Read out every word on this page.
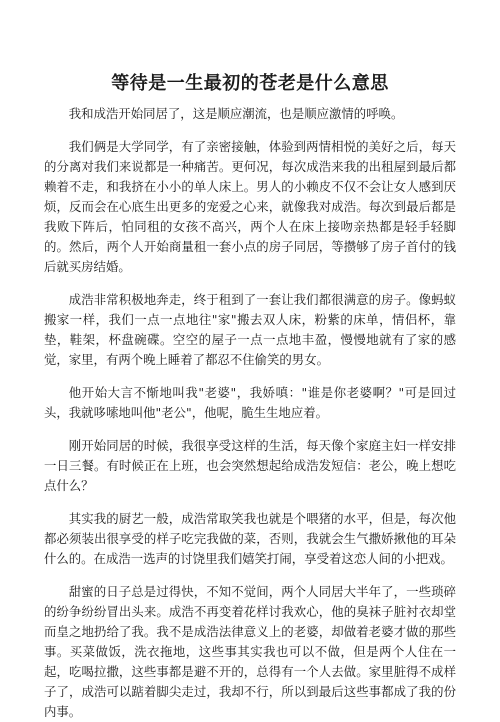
等待是一生最初的苍老是什么意思

我和成浩开始同居了，这是顺应潮流，也是顺应激情的呼唤。

我们俩是大学同学，有了亲密接触，体验到两情相悦的美好之后，每天的分离对我们来说都是一种痛苦。更何况，每次成浩来我的出租屋到最后都赖着不走，和我挤在小小的单人床上。男人的小赖皮不仅不会让女人感到厌烦，反而会在心底生出更多的宠爱之心来，就像我对成浩。每次到最后都是我败下阵后，怕同租的女孩不高兴，两个人在床上接吻亲热都是轻手轻脚的。然后，两个人开始商量租一套小点的房子同居，等攒够了房子首付的钱后就买房结婚。

成浩非常积极地奔走，终于租到了一套让我们都很满意的房子。像蚂蚁搬家一样，我们一点一点地往"家"搬去双人床，粉紫的床单，情侣杯，靠垫，鞋架，杯盘碗碟。空空的屋子一点一点地丰盈，慢慢地就有了家的感觉，家里，有两个晚上睡着了都忍不住偷笑的男女。

他开始大言不惭地叫我"老婆"，我娇嗔："谁是你老婆啊？"可是回过头，我就哆嗦地叫他"老公"，他呢，脆生生地应着。

刚开始同居的时候，我很享受这样的生活，每天像个家庭主妇一样安排一日三餐。有时候正在上班，也会突然想起给成浩发短信：老公，晚上想吃点什么？

其实我的厨艺一般，成浩常取笑我也就是个喂猪的水平，但是，每次他都必须装出很享受的样子吃完我做的菜，否则，我就会生气撒娇揪他的耳朵什么的。在成浩一选声的讨饶里我们嬉笑打闹，享受着这恋人间的小把戏。

甜蜜的日子总是过得快，不知不觉间，两个人同居大半年了，一些琐碎的纷争纷纷冒出头来。成浩不再变着花样讨我欢心，他的臭袜子脏衬衣却堂而皇之地扔给了我。我不是成浩法律意义上的老婆，却做着老婆才做的那些事。买菜做饭，洗衣拖地，这些事其实我也可以不做，但是两个人住在一起，吃喝拉撒，这些事都是避不开的，总得有一个人去做。家里脏得不成样子了，成浩可以踮着脚尖走过，我却不行，所以到最后这些事都成了我的份内事。
